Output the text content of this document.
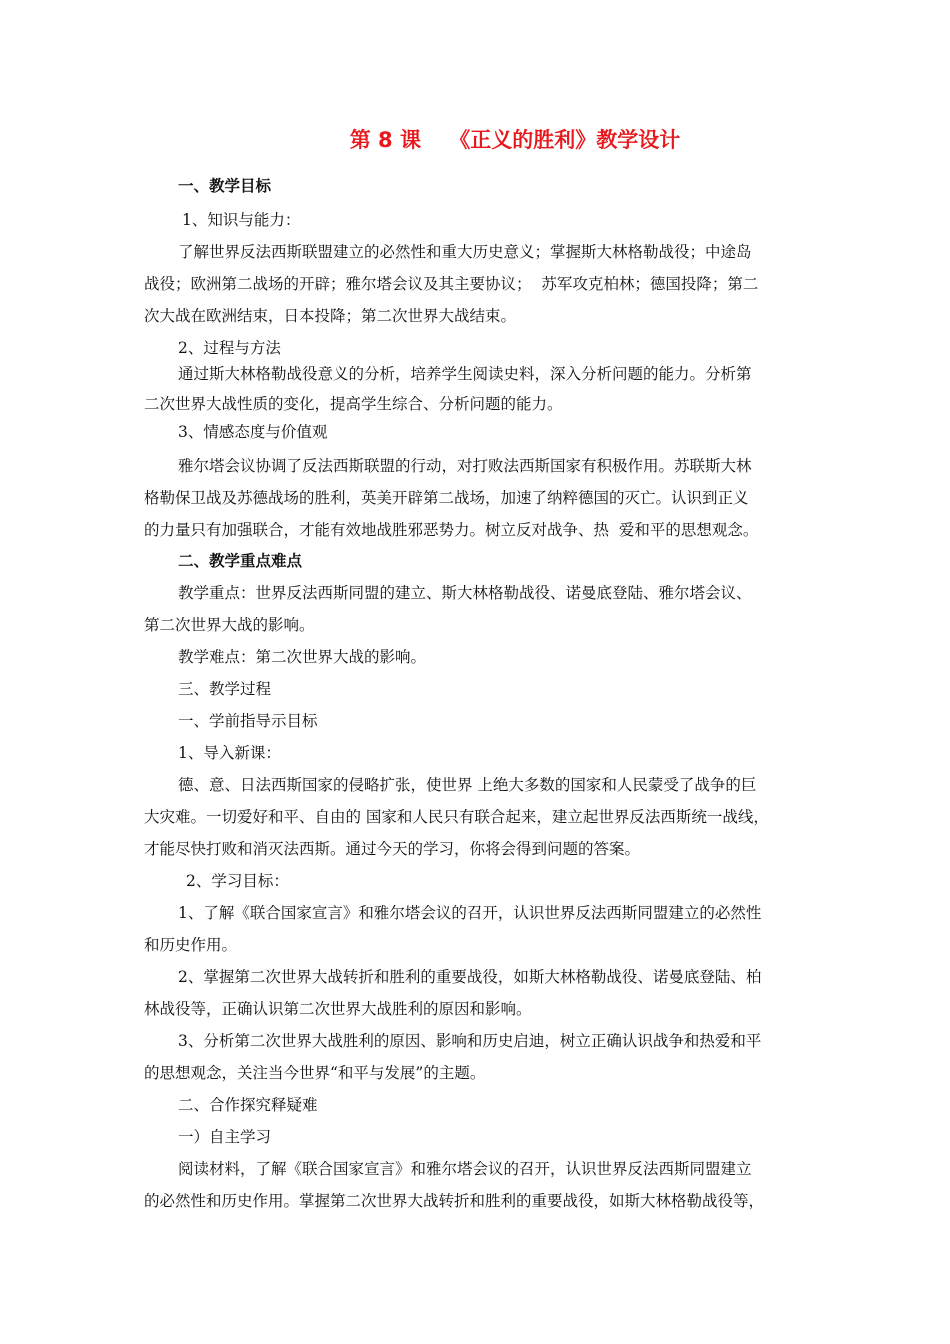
第 8 课　 《正义的胜利》教学设计
一、教学目标
1、知识与能力：
了解世界反法西斯联盟建立的必然性和重大历史意义；掌握斯大林格勒战役；中途岛
战役；欧洲第二战场的开辟；雅尔塔会议及其主要协议；  苏军攻克柏林；德国投降；第二
次大战在欧洲结束，日本投降；第二次世界大战结束。
2、过程与方法
通过斯大林格勒战役意义的分析，培养学生阅读史料，深入分析问题的能力。分析第
二次世界大战性质的变化，提高学生综合、分析问题的能力。
3、情感态度与价值观
雅尔塔会议协调了反法西斯联盟的行动，对打败法西斯国家有积极作用。苏联斯大林
格勒保卫战及苏德战场的胜利，英美开辟第二战场，加速了纳粹德国的灭亡。认识到正义
的力量只有加强联合，才能有效地战胜邪恶势力。树立反对战争、热  爱和平的思想观念。
二、教学重点难点
教学重点：世界反法西斯同盟的建立、斯大林格勒战役、诺曼底登陆、雅尔塔会议、
第二次世界大战的影响。
教学难点：第二次世界大战的影响。
三、教学过程
一、学前指导示目标
1、导入新课：
德、意、日法西斯国家的侵略扩张，使世界 上绝大多数的国家和人民蒙受了战争的巨
大灾难。一切爱好和平、自由的 国家和人民只有联合起来，建立起世界反法西斯统一战线，
才能尽快打败和消灭法西斯。通过今天的学习，你将会得到问题的答案。
2、学习目标：
1、了解《联合国家宣言》和雅尔塔会议的召开，认识世界反法西斯同盟建立的必然性
和历史作用。
2、掌握第二次世界大战转折和胜利的重要战役，如斯大林格勒战役、诺曼底登陆、柏
林战役等，正确认识第二次世界大战胜利的原因和影响。
3、分析第二次世界大战胜利的原因、影响和历史启迪，树立正确认识战争和热爱和平
的思想观念，关注当今世界“和平与发展”的主题。
二、合作探究释疑难
一）自主学习
阅读材料，了解《联合国家宣言》和雅尔塔会议的召开，认识世界反法西斯同盟建立
的必然性和历史作用。掌握第二次世界大战转折和胜利的重要战役，如斯大林格勒战役等，
